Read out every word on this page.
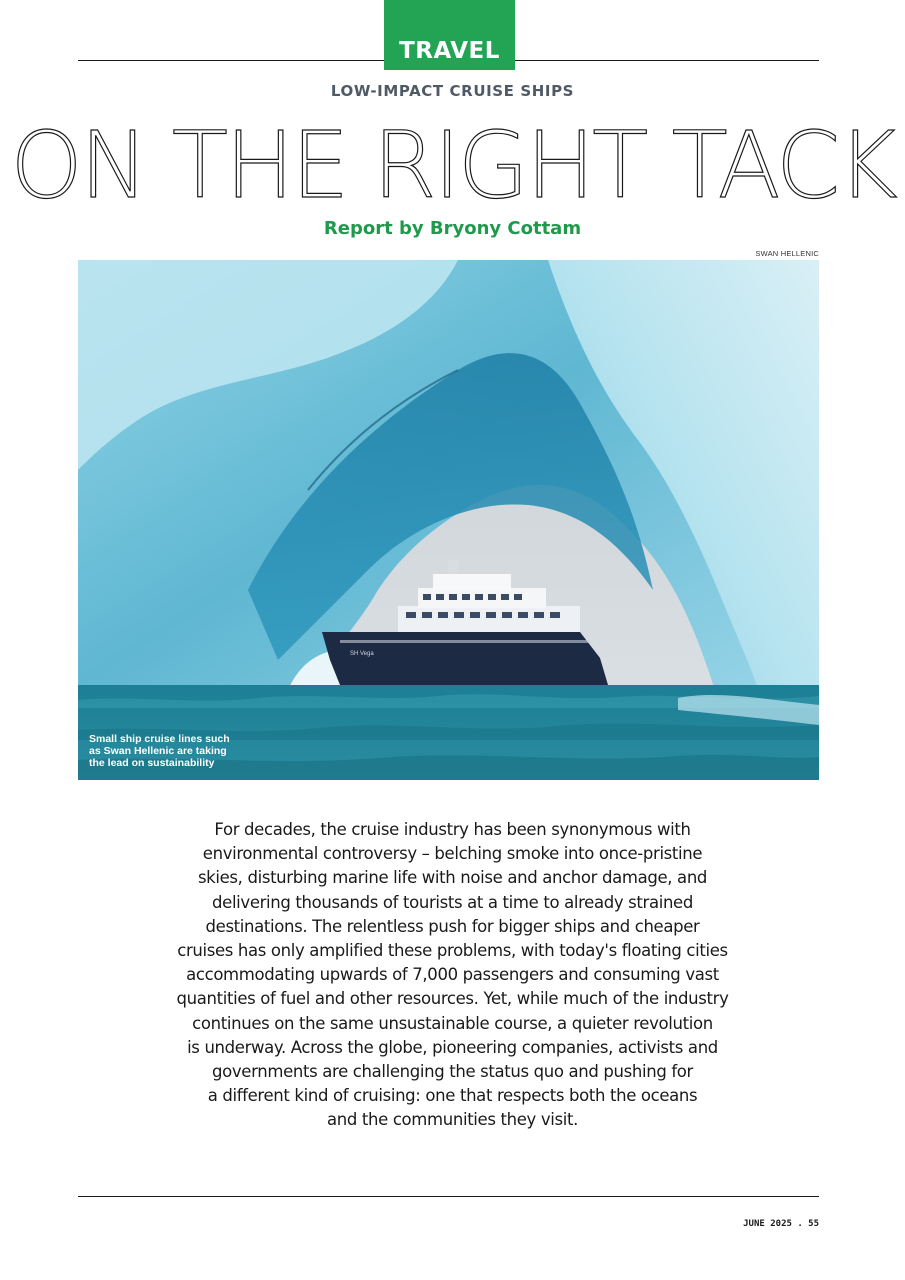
TRAVEL
LOW-IMPACT CRUISE SHIPS
ON THE RIGHT TACK
Report by Bryony Cottam
SWAN HELLENIC
SH Vega
Small ship cruise lines such
as Swan Hellenic are taking
the lead on sustainability
For decades, the cruise industry has been synonymous with
environmental controversy – belching smoke into once-pristine
skies, disturbing marine life with noise and anchor damage, and
delivering thousands of tourists at a time to already strained
destinations. The relentless push for bigger ships and cheaper
cruises has only amplified these problems, with today's floating cities
accommodating upwards of 7,000 passengers and consuming vast
quantities of fuel and other resources. Yet, while much of the industry
continues on the same unsustainable course, a quieter revolution
is underway. Across the globe, pioneering companies, activists and
governments are challenging the status quo and pushing for
a different kind of cruising: one that respects both the oceans
and the communities they visit.
JUNE 2025 . 55
